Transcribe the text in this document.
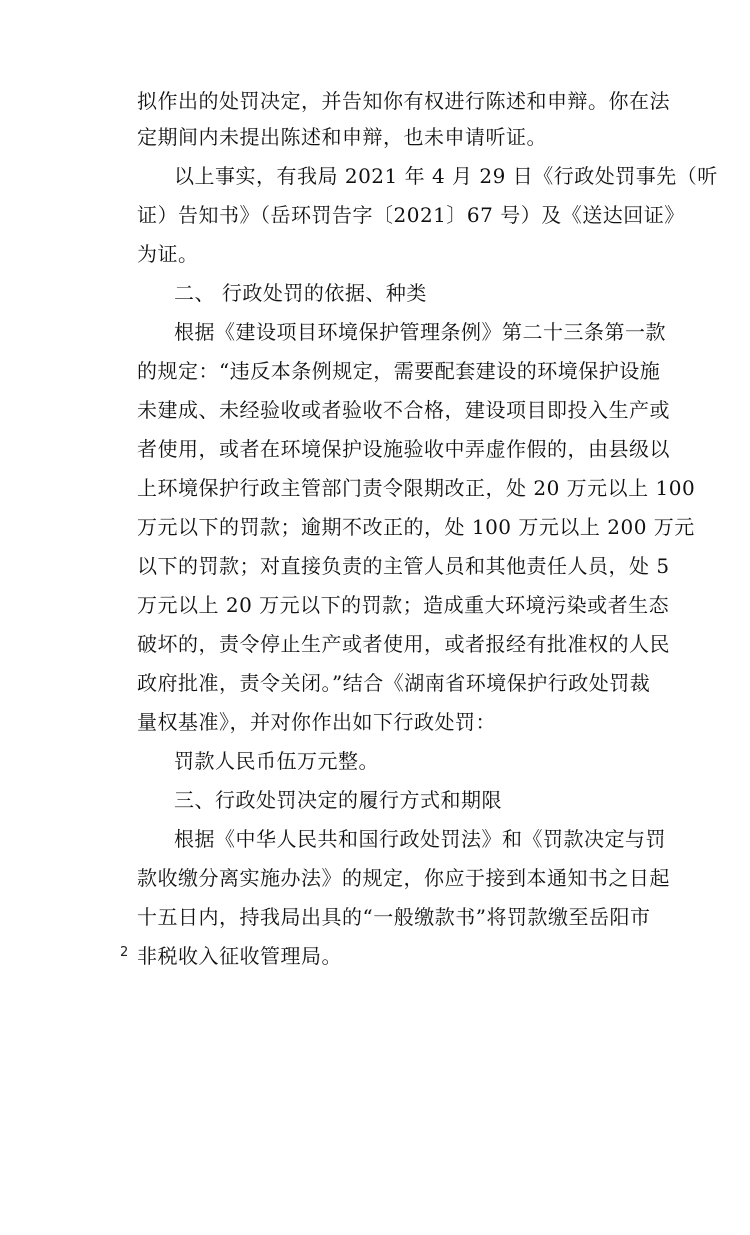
拟作出的处罚决定，并告知你有权进行陈述和申辩。你在法
定期间内未提出陈述和申辩，也未申请听证。
以上事实，有我局 2021 年 4 月 29 日《行政处罚事先（听
证）告知书》（岳环罚告字〔2021〕67 号）及《送达回证》
为证。
二、 行政处罚的依据、种类
根据《建设项目环境保护管理条例》第二十三条第一款
的规定：“违反本条例规定，需要配套建设的环境保护设施
未建成、未经验收或者验收不合格，建设项目即投入生产或
者使用，或者在环境保护设施验收中弄虚作假的，由县级以
上环境保护行政主管部门责令限期改正，处 20 万元以上 100
万元以下的罚款；逾期不改正的，处 100 万元以上 200 万元
以下的罚款；对直接负责的主管人员和其他责任人员，处 5
万元以上 20 万元以下的罚款；造成重大环境污染或者生态
破坏的，责令停止生产或者使用，或者报经有批准权的人民
政府批准，责令关闭。”结合《湖南省环境保护行政处罚裁
量权基准》，并对你作出如下行政处罚：
罚款人民币伍万元整。
三、行政处罚决定的履行方式和期限
根据《中华人民共和国行政处罚法》和《罚款决定与罚
款收缴分离实施办法》的规定，你应于接到本通知书之日起
十五日内，持我局出具的“一般缴款书”将罚款缴至岳阳市
非税收入征收管理局。
2
